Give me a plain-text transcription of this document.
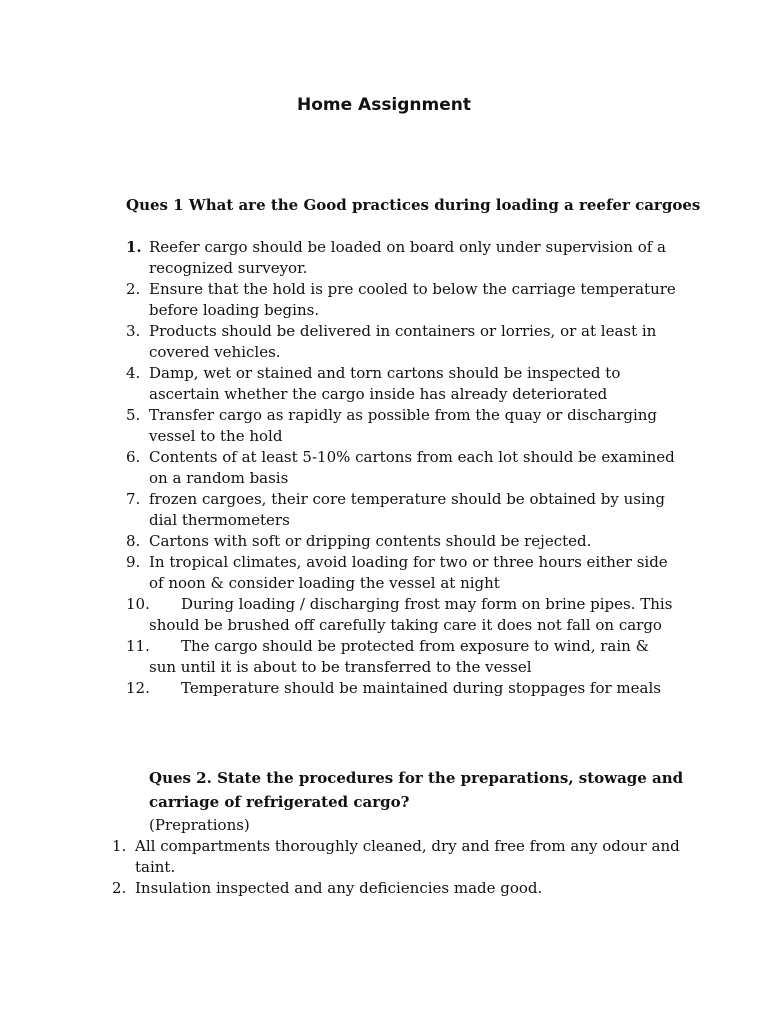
Home Assignment
Ques 1 What are the Good practices during loading a reefer cargoes
1. Reefer cargo should be loaded on board only under supervision of a recognized surveyor.
2. Ensure that the hold is pre cooled to below the carriage temperature before loading begins.
3. Products should be delivered in containers or lorries, or at least in covered vehicles.
4. Damp, wet or stained and torn cartons should be inspected to ascertain whether the cargo inside has already deteriorated
5. Transfer cargo as rapidly as possible from the quay or discharging vessel to the hold
6. Contents of at least 5-10% cartons from each lot should be examined on a random basis
7. frozen cargoes, their core temperature should be obtained by using dial thermometers
8. Cartons with soft or dripping contents should be rejected.
9. In tropical climates, avoid loading for two or three hours either side of noon & consider loading the vessel at night
10. During loading / discharging frost may form on brine pipes. This should be brushed off carefully taking care it does not fall on cargo
11. The cargo should be protected from exposure to wind, rain & sun until it is about to be transferred to the vessel
12. Temperature should be maintained during stoppages for meals
Ques 2. State the procedures for the preparations, stowage and carriage of refrigerated cargo?
(Preprations)
1. All compartments thoroughly cleaned, dry and free from any odour and taint.
2. Insulation inspected and any deficiencies made good.
